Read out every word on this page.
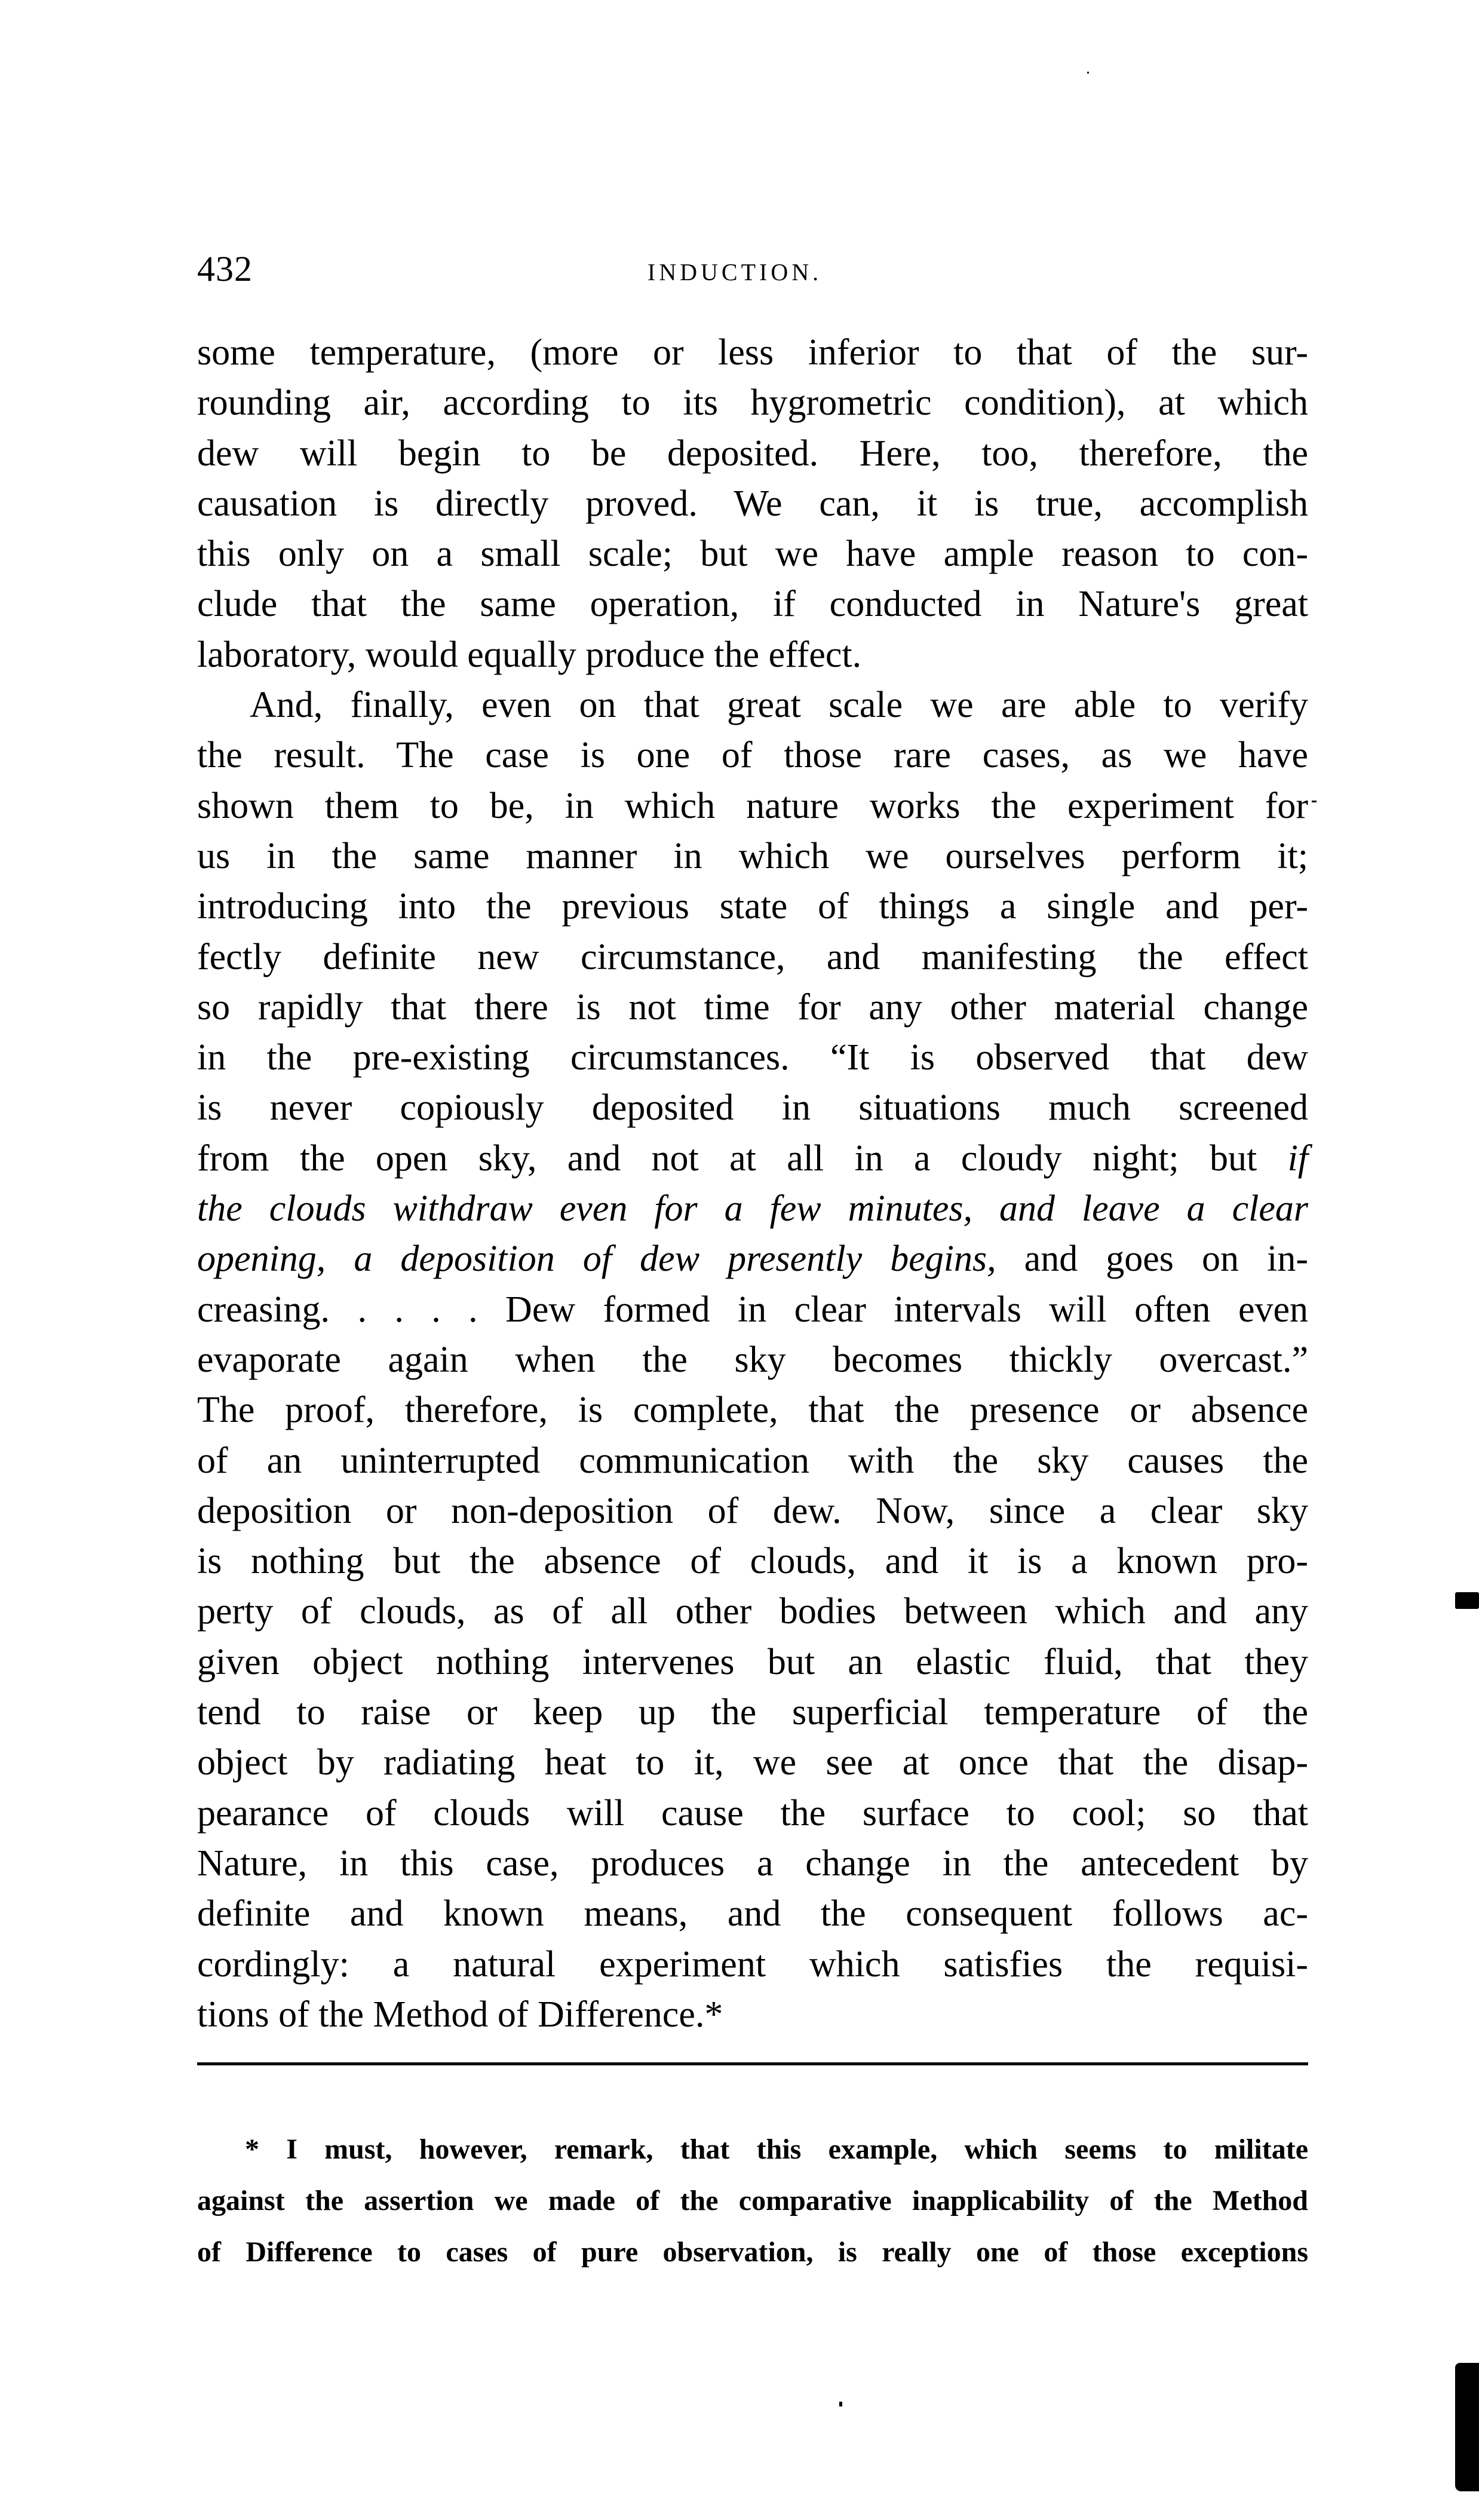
432	INDUCTION.
some temperature, (more or less inferior to that of the sur-
rounding air, according to its hygrometric condition), at which
dew will begin to be deposited. Here, too, therefore, the
causation is directly proved. We can, it is true, accomplish
this only on a small scale; but we have ample reason to con-
clude that the same operation, if conducted in Nature's great
laboratory, would equally produce the effect.
And, finally, even on that great scale we are able to verify
the result. The case is one of those rare cases, as we have
shown them to be, in which nature works the experiment for
us in the same manner in which we ourselves perform it;
introducing into the previous state of things a single and per-
fectly definite new circumstance, and manifesting the effect
so rapidly that there is not time for any other material change
in the pre-existing circumstances. “It is observed that dew
is never copiously deposited in situations much screened
from the open sky, and not at all in a cloudy night; but if
the clouds withdraw even for a few minutes, and leave a clear
opening, a deposition of dew presently begins, and goes on in-
creasing. . . . . Dew formed in clear intervals will often even
evaporate again when the sky becomes thickly overcast.”
The proof, therefore, is complete, that the presence or absence
of an uninterrupted communication with the sky causes the
deposition or non-deposition of dew. Now, since a clear sky
is nothing but the absence of clouds, and it is a known pro-
perty of clouds, as of all other bodies between which and any
given object nothing intervenes but an elastic fluid, that they
tend to raise or keep up the superficial temperature of the
object by radiating heat to it, we see at once that the disap-
pearance of clouds will cause the surface to cool; so that
Nature, in this case, produces a change in the antecedent by
definite and known means, and the consequent follows ac-
cordingly: a natural experiment which satisfies the requisi-
tions of the Method of Difference.*
* I must, however, remark, that this example, which seems to militate
against the assertion we made of the comparative inapplicability of the Method
of Difference to cases of pure observation, is really one of those exceptions
